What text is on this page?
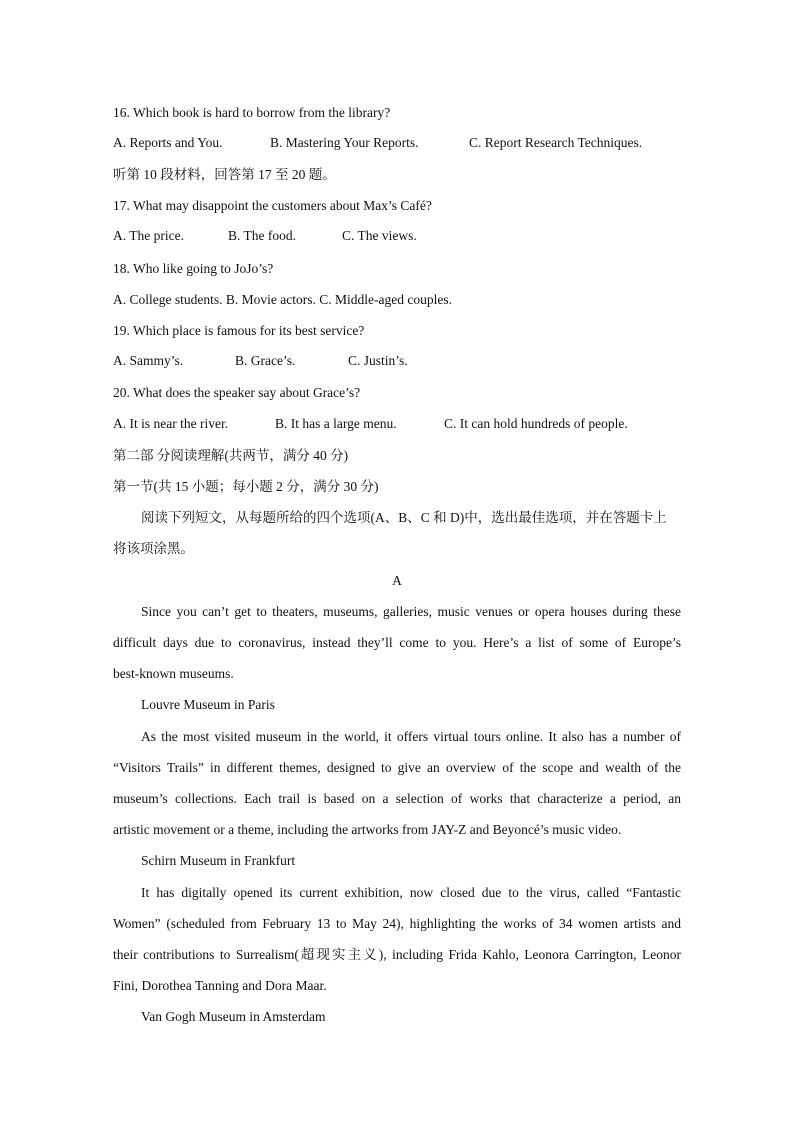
16. Which book is hard to borrow from the library?
A. Reports and You.	B. Mastering Your Reports.	C. Report Research Techniques.
听第 10 段材料，回答第 17 至 20 题。
17. What may disappoint the customers about Max’s Café?
A. The price.	B. The food.	C. The views.
18. Who like going to JoJo’s?
A. College students. B. Movie actors. C. Middle-aged couples.
19. Which place is famous for its best service?
A. Sammy’s.	B. Grace’s.	C. Justin’s.
20. What does the speaker say about Grace’s?
A. It is near the river.	B. It has a large menu.	C. It can hold hundreds of people.
第二部 分阅读理解(共两节，满分 40 分)
第一节(共 15 小题；每小题 2 分，满分 30 分)
阅读下列短文，从每题所给的四个选项(A、B、C 和 D)中，选出最佳选项，并在答题卡上
将该项涂黑。
A
Since you can’t get to theaters, museums, galleries, music venues or opera houses during these
difficult days due to coronavirus, instead they’ll come to you. Here’s a list of some of Europe’s
best-known museums.
Louvre Museum in Paris
As the most visited museum in the world, it offers virtual tours online. It also has a number of
“Visitors Trails” in different themes, designed to give an overview of the scope and wealth of the
museum’s collections. Each trail is based on a selection of works that characterize a period, an
artistic movement or a theme, including the artworks from JAY-Z and Beyoncé’s music video.
Schirn Museum in Frankfurt
It has digitally opened its current exhibition, now closed due to the virus, called “Fantastic
Women” (scheduled from February 13 to May 24), highlighting the works of 34 women artists and
their contributions to Surrealism(超现实主义), including Frida Kahlo, Leonora Carrington, Leonor
Fini, Dorothea Tanning and Dora Maar.
Van Gogh Museum in Amsterdam
